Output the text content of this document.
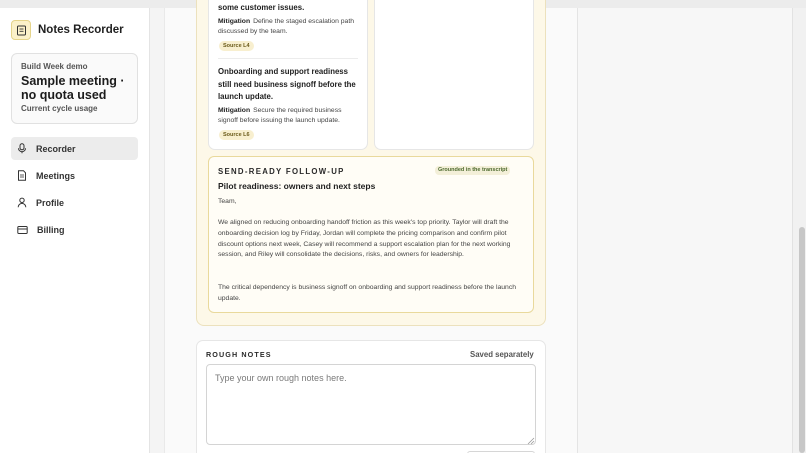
Notes Recorder
Build Week demo
Sample meeting · no quota used
Current cycle usage
Recorder
Meetings
Profile
Billing
some customer issues.
Mitigation Define the staged escalation path discussed by the team.
Source L4
Onboarding and support readiness still need business signoff before the launch update.
Mitigation Secure the required business signoff before issuing the launch update.
Source L6
SEND-READY FOLLOW-UP	Grounded in the transcript
Pilot readiness: owners and next steps
Team,
We aligned on reducing onboarding handoff friction as this week's top priority. Taylor will draft the onboarding decision log by Friday, Jordan will complete the pricing comparison and confirm pilot discount options next week, Casey will recommend a support escalation plan for the next working session, and Riley will consolidate the decisions, risks, and owners for leadership.
The critical dependency is business signoff on onboarding and support readiness before the launch update.
ROUGH NOTES	Saved separately
Type your own rough notes here.
